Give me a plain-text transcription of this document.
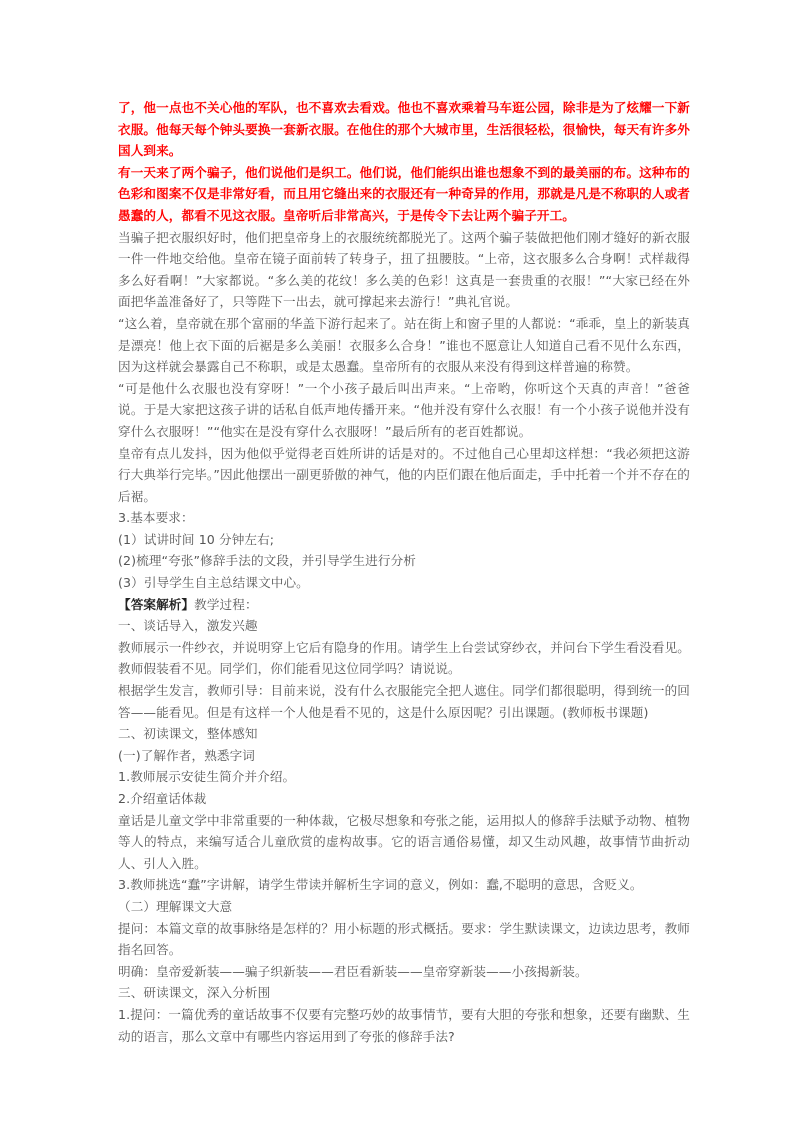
了，他一点也不关心他的军队，也不喜欢去看戏。他也不喜欢乘着马车逛公园，除非是为了炫耀一下新衣服。他每天每个钟头要换一套新衣服。在他住的那个大城市里，生活很轻松，很愉快，每天有许多外国人到来。

有一天来了两个骗子，他们说他们是织工。他们说，他们能织出谁也想象不到的最美丽的布。这种布的色彩和图案不仅是非常好看，而且用它缝出来的衣服还有一种奇异的作用，那就是凡是不称职的人或者愚蠢的人，都看不见这衣服。皇帝听后非常高兴，于是传令下去让两个骗子开工。

当骗子把衣服织好时，他们把皇帝身上的衣服统统都脱光了。这两个骗子装做把他们刚才缝好的新衣服一件一件地交给他。皇帝在镜子面前转了转身子，扭了扭腰肢。“上帝，这衣服多么合身啊！式样裁得多么好看啊！”大家都说。“多么美的花纹！多么美的色彩！这真是一套贵重的衣服！”“大家已经在外面把华盖准备好了，只等陛下一出去，就可撑起来去游行！”典礼官说。

“这么着，皇帝就在那个富丽的华盖下游行起来了。站在街上和窗子里的人都说：“乖乖，皇上的新装真是漂亮！他上衣下面的后裾是多么美丽！衣服多么合身！”谁也不愿意让人知道自己看不见什么东西，因为这样就会暴露自己不称职，或是太愚蠢。皇帝所有的衣服从来没有得到这样普遍的称赞。

“可是他什么衣服也没有穿呀！”一个小孩子最后叫出声来。“上帝哟，你听这个天真的声音！”爸爸说。于是大家把这孩子讲的话私自低声地传播开来。“他并没有穿什么衣服！有一个小孩子说他并没有穿什么衣服呀！”“他实在是没有穿什么衣服呀！”最后所有的老百姓都说。

皇帝有点儿发抖，因为他似乎觉得老百姓所讲的话是对的。不过他自己心里却这样想：“我必须把这游行大典举行完毕。”因此他摆出一副更骄傲的神气，他的内臣们跟在他后面走，手中托着一个并不存在的后裾。

3.基本要求：

(1）试讲时间 10 分钟左右;

(2)梳理“夸张”修辞手法的文段，并引导学生进行分析

(3）引导学生自主总结课文中心。

【答案解析】教学过程：

一、谈话导入，激发兴趣

教师展示一件纱衣，并说明穿上它后有隐身的作用。请学生上台尝试穿纱衣，并问台下学生看没看见。教师假装看不见。同学们，你们能看见这位同学吗？请说说。

根据学生发言，教师引导：目前来说，没有什么衣服能完全把人遮住。同学们都很聪明，得到统一的回答——能看见。但是有这样一个人他是看不见的，这是什么原因呢？引出课题。(教师板书课题)

二、初读课文，整体感知

(一)了解作者，熟悉字词

1.教师展示安徒生简介并介绍。

2.介绍童话体裁

童话是儿童文学中非常重要的一种体裁，它极尽想象和夸张之能，运用拟人的修辞手法赋予动物、植物等人的特点，来编写适合儿童欣赏的虚构故事。它的语言通俗易懂，却又生动风趣，故事情节曲折动人、引人入胜。

3.教师挑选“蠢”字讲解，请学生带读并解析生字词的意义，例如：蠢,不聪明的意思，含贬义。

（二）理解课文大意

提问：本篇文章的故事脉络是怎样的？用小标题的形式概括。要求：学生默读课文，边读边思考，教师指名回答。

明确：皇帝爱新装——骗子织新装——君臣看新装——皇帝穿新装——小孩揭新装。

三、研读课文，深入分析围

1.提问：一篇优秀的童话故事不仅要有完整巧妙的故事情节，要有大胆的夸张和想象，还要有幽默、生动的语言，那么文章中有哪些内容运用到了夸张的修辞手法?
